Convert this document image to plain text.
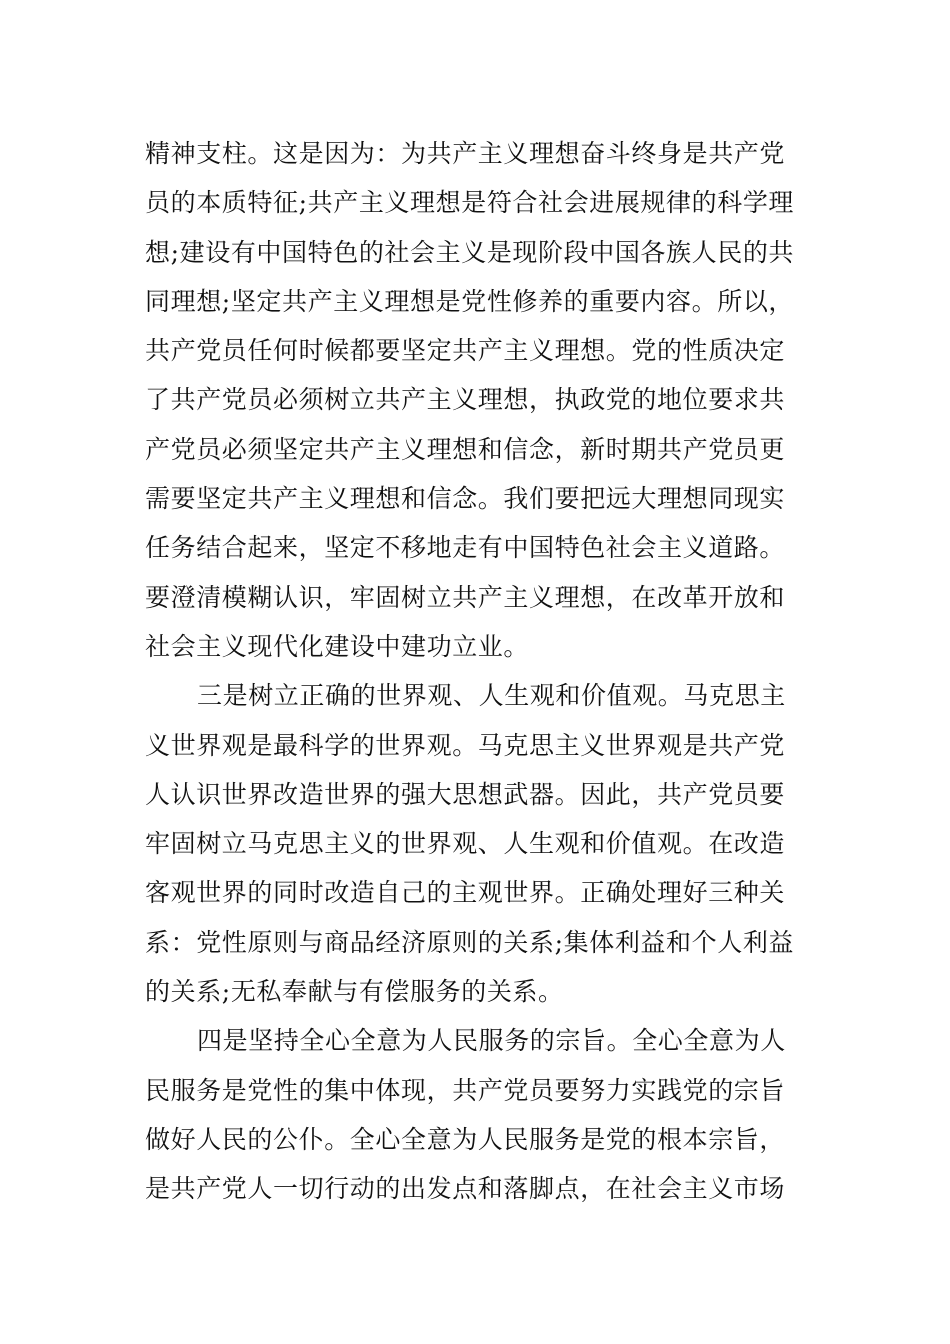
精神支柱。这是因为：为共产主义理想奋斗终身是共产党
员的本质特征;共产主义理想是符合社会进展规律的科学理
想;建设有中国特色的社会主义是现阶段中国各族人民的共
同理想;坚定共产主义理想是党性修养的重要内容。所以，
共产党员任何时候都要坚定共产主义理想。党的性质决定
了共产党员必须树立共产主义理想，执政党的地位要求共
产党员必须坚定共产主义理想和信念，新时期共产党员更
需要坚定共产主义理想和信念。我们要把远大理想同现实
任务结合起来，坚定不移地走有中国特色社会主义道路。
要澄清模糊认识，牢固树立共产主义理想，在改革开放和
社会主义现代化建设中建功立业。
三是树立正确的世界观、人生观和价值观。马克思主
义世界观是最科学的世界观。马克思主义世界观是共产党
人认识世界改造世界的强大思想武器。因此，共产党员要
牢固树立马克思主义的世界观、人生观和价值观。在改造
客观世界的同时改造自己的主观世界。正确处理好三种关
系：党性原则与商品经济原则的关系;集体利益和个人利益
的关系;无私奉献与有偿服务的关系。
四是坚持全心全意为人民服务的宗旨。全心全意为人
民服务是党性的集中体现，共产党员要努力实践党的宗旨
做好人民的公仆。全心全意为人民服务是党的根本宗旨，
是共产党人一切行动的出发点和落脚点，在社会主义市场
